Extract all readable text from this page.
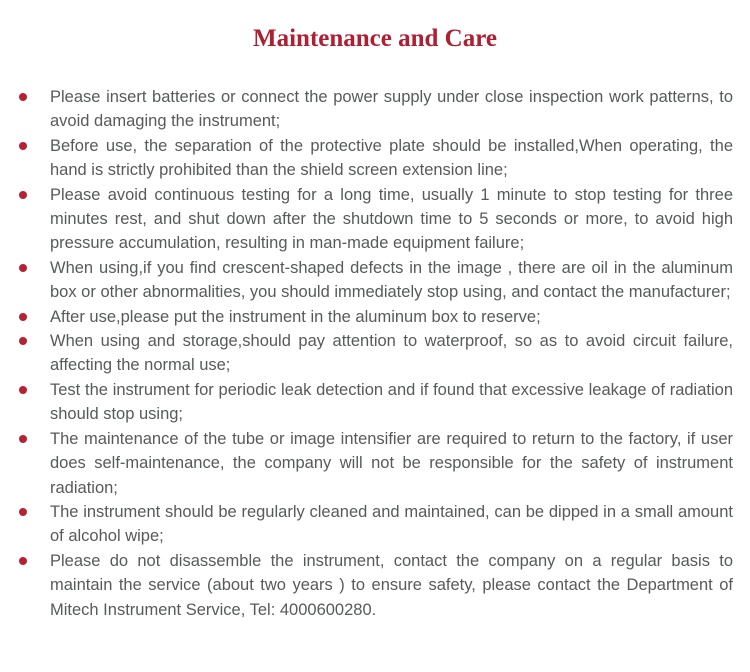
Maintenance and Care
Please insert batteries or connect the power supply under close inspection work patterns, to avoid damaging the instrument;
Before use, the separation of the protective plate should be installed,When operating, the hand is strictly prohibited than the shield screen extension line;
Please avoid continuous testing for a long time, usually 1 minute to stop testing for three minutes rest, and shut down after the shutdown time to 5 seconds or more, to avoid high pressure accumulation, resulting in man-made equipment failure;
When using,if you find crescent-shaped defects in the image , there are oil in the aluminum box or other abnormalities, you should immediately stop using, and contact the manufacturer;
After use,please put the instrument in the aluminum box to reserve;
When using and storage,should pay attention to waterproof, so as to avoid circuit failure, affecting the normal use;
Test the instrument for periodic leak detection and if found that excessive leakage of radiation should stop using;
The maintenance of the tube or image intensifier are required to return to the factory, if user does self-maintenance, the company will not be responsible for the safety of instrument radiation;
The instrument should be regularly cleaned and maintained, can be dipped in a small amount of alcohol wipe;
Please do not disassemble the instrument, contact the company on a regular basis to maintain the service (about two years ) to ensure safety, please contact the Department of Mitech Instrument Service, Tel: 4000600280.
